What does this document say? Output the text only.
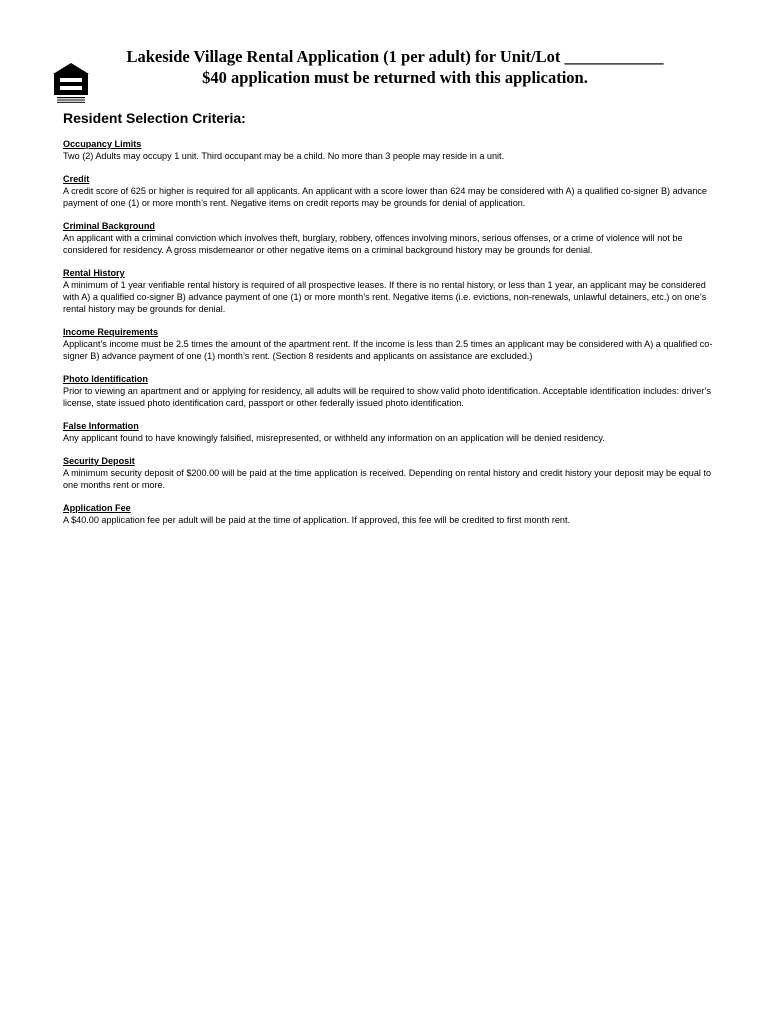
Lakeside Village Rental Application (1 per adult) for Unit/Lot ____________
$40 application must be returned with this application.
Resident Selection Criteria:
Occupancy Limits
Two (2) Adults may occupy 1 unit. Third occupant may be a child. No more than 3 people may reside in a unit.
Credit
A credit score of 625 or higher is required for all applicants. An applicant with a score lower than 624 may be considered with A) a qualified co-signer B) advance payment of one (1) or more month’s rent. Negative items on credit reports may be grounds for denial of application.
Criminal Background
An applicant with a criminal conviction which involves theft, burglary, robbery, offences involving minors, serious offenses, or a crime of violence will not be considered for residency. A gross misdemeanor or other negative items on a criminal background history may be grounds for denial.
Rental History
A minimum of 1 year verifiable rental history is required of all prospective leases. If there is no rental history, or less than 1 year, an applicant may be considered with A) a qualified co-signer B) advance payment of one (1) or more month’s rent. Negative items (i.e. evictions, non-renewals, unlawful detainers, etc.) on one’s rental history may be grounds for denial.
Income Requirements
Applicant’s income must be 2.5 times the amount of the apartment rent. If the income is less than 2.5 times an applicant may be considered with A) a qualified co-signer B) advance payment of one (1) month’s rent. (Section 8 residents and applicants on assistance are excluded.)
Photo Identification
Prior to viewing an apartment and or applying for residency, all adults will be required to show valid photo identification. Acceptable identification includes: driver’s license, state issued photo identification card, passport or other federally issued photo identification.
False Information
Any applicant found to have knowingly falsified, misrepresented, or withheld any information on an application will be denied residency.
Security Deposit
A minimum security deposit of $200.00 will be paid at the time application is received. Depending on rental history and credit history your deposit may be equal to one months rent or more.
Application Fee
A $40.00 application fee per adult will be paid at the time of application. If approved, this fee will be credited to first month rent.
